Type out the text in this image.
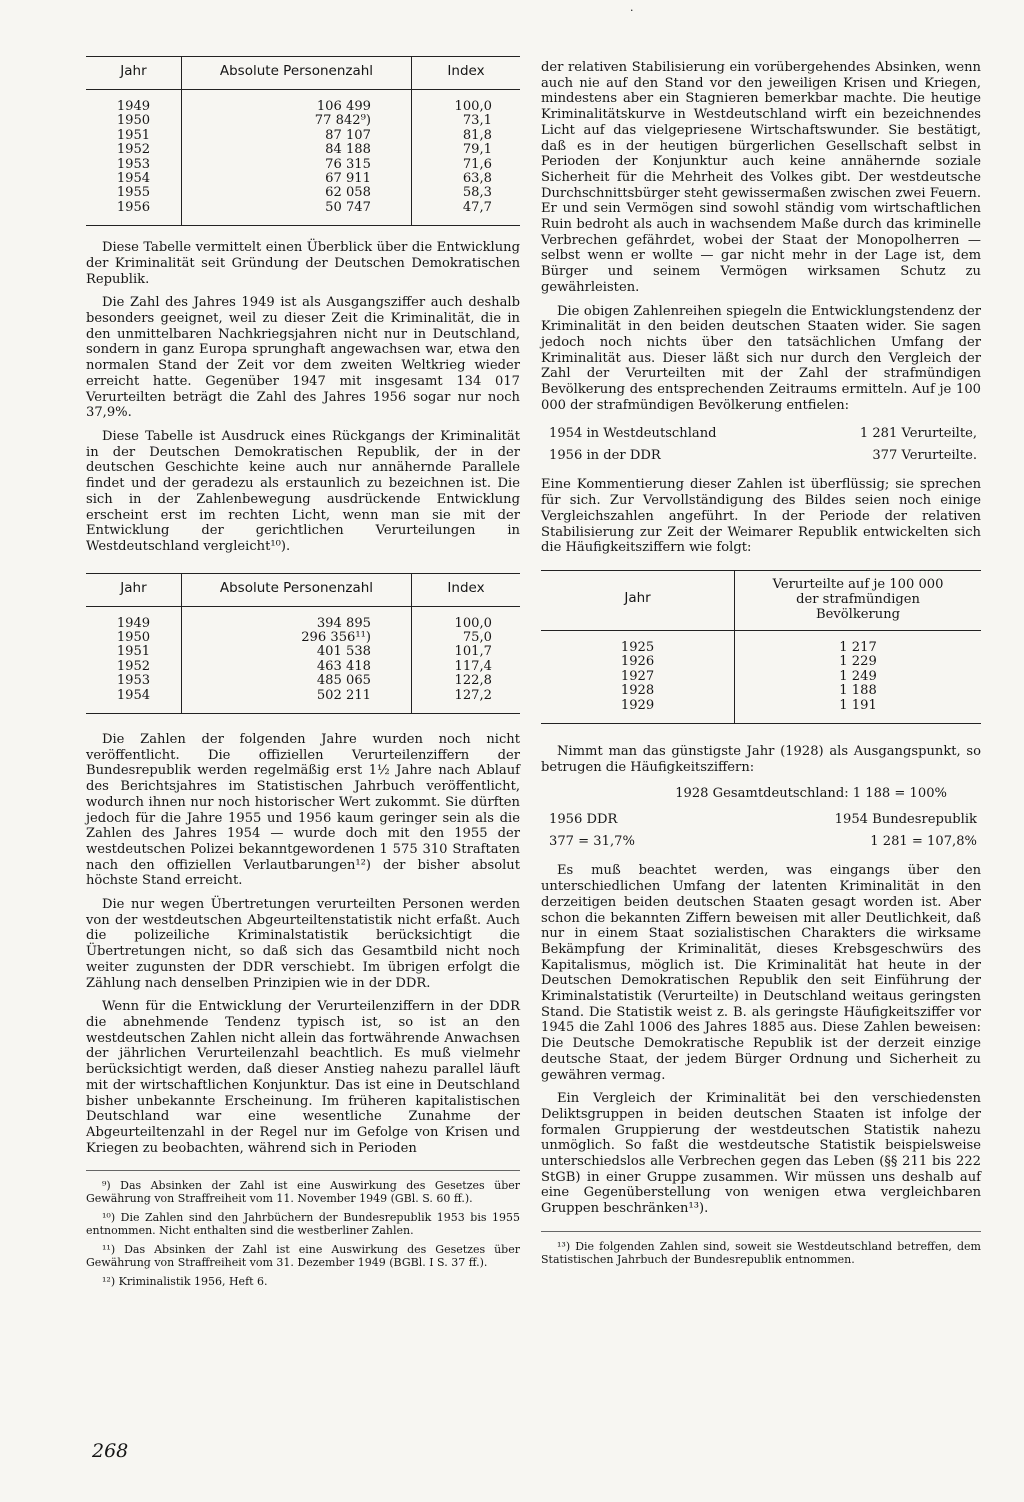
·
Jahr	Absolute Personenzahl	Index
1949	106 499	100,0
1950	77 842⁹)	73,1
1951	87 107	81,8
1952	84 188	79,1
1953	76 315	71,6
1954	67 911	63,8
1955	62 058	58,3
1956	50 747	47,7

Diese Tabelle vermittelt einen Überblick über die Entwicklung der Kriminalität seit Gründung der Deutschen Demokratischen Republik.

Die Zahl des Jahres 1949 ist als Ausgangsziffer auch deshalb besonders geeignet, weil zu dieser Zeit die Kriminalität, die in den unmittelbaren Nachkriegsjahren nicht nur in Deutschland, sondern in ganz Europa sprunghaft angewachsen war, etwa den normalen Stand der Zeit vor dem zweiten Weltkrieg wieder erreicht hatte. Gegenüber 1947 mit insgesamt 134 017 Verurteilten beträgt die Zahl des Jahres 1956 sogar nur noch 37,9%.

Diese Tabelle ist Ausdruck eines Rückgangs der Kriminalität in der Deutschen Demokratischen Republik, der in der deutschen Geschichte keine auch nur annähernde Parallele findet und der geradezu als erstaunlich zu bezeichnen ist. Die sich in der Zahlenbewegung ausdrückende Entwicklung erscheint erst im rechten Licht, wenn man sie mit der Entwicklung der gerichtlichen Verurteilungen in Westdeutschland vergleicht¹⁰).

Jahr	Absolute Personenzahl	Index
1949	394 895	100,0
1950	296 356¹¹)	75,0
1951	401 538	101,7
1952	463 418	117,4
1953	485 065	122,8
1954	502 211	127,2

Die Zahlen der folgenden Jahre wurden noch nicht veröffentlicht. Die offiziellen Verurteilenziffern der Bundesrepublik werden regelmäßig erst 1½ Jahre nach Ablauf des Berichtsjahres im Statistischen Jahrbuch veröffentlicht, wodurch ihnen nur noch historischer Wert zukommt. Sie dürften jedoch für die Jahre 1955 und 1956 kaum geringer sein als die Zahlen des Jahres 1954 — wurde doch mit den 1955 der westdeutschen Polizei bekanntgewordenen 1 575 310 Straftaten nach den offiziellen Verlautbarungen¹²) der bisher absolut höchste Stand erreicht.

Die nur wegen Übertretungen verurteilten Personen werden von der westdeutschen Abgeurteiltenstatistik nicht erfaßt. Auch die polizeiliche Kriminalstatistik berücksichtigt die Übertretungen nicht, so daß sich das Gesamtbild nicht noch weiter zugunsten der DDR verschiebt. Im übrigen erfolgt die Zählung nach denselben Prinzipien wie in der DDR.

Wenn für die Entwicklung der Verurteilenziffern in der DDR die abnehmende Tendenz typisch ist, so ist an den westdeutschen Zahlen nicht allein das fortwährende Anwachsen der jährlichen Verurteilenzahl beachtlich. Es muß vielmehr berücksichtigt werden, daß dieser Anstieg nahezu parallel läuft mit der wirtschaftlichen Konjunktur. Das ist eine in Deutschland bisher unbekannte Erscheinung. Im früheren kapitalistischen Deutschland war eine wesentliche Zunahme der Abgeurteiltenzahl in der Regel nur im Gefolge von Krisen und Kriegen zu beobachten, während sich in Perioden

⁹) Das Absinken der Zahl ist eine Auswirkung des Gesetzes über Gewährung von Straffreiheit vom 11. November 1949 (GBl. S. 60 ff.).

¹⁰) Die Zahlen sind den Jahrbüchern der Bundesrepublik 1953 bis 1955 entnommen. Nicht enthalten sind die westberliner Zahlen.

¹¹) Das Absinken der Zahl ist eine Auswirkung des Gesetzes über Gewährung von Straffreiheit vom 31. Dezember 1949 (BGBl. I S. 37 ff.).

¹²) Kriminalistik 1956, Heft 6.

268

der relativen Stabilisierung ein vorübergehendes Absinken, wenn auch nie auf den Stand vor den jeweiligen Krisen und Kriegen, mindestens aber ein Stagnieren bemerkbar machte. Die heutige Kriminalitätskurve in Westdeutschland wirft ein bezeichnendes Licht auf das vielgepriesene Wirtschaftswunder. Sie bestätigt, daß es in der heutigen bürgerlichen Gesellschaft selbst in Perioden der Konjunktur auch keine annähernde soziale Sicherheit für die Mehrheit des Volkes gibt. Der westdeutsche Durchschnittsbürger steht gewissermaßen zwischen zwei Feuern. Er und sein Vermögen sind sowohl ständig vom wirtschaftlichen Ruin bedroht als auch in wachsendem Maße durch das kriminelle Verbrechen gefährdet, wobei der Staat der Monopolherren — selbst wenn er wollte — gar nicht mehr in der Lage ist, dem Bürger und seinem Vermögen wirksamen Schutz zu gewährleisten.

Die obigen Zahlenreihen spiegeln die Entwicklungstendenz der Kriminalität in den beiden deutschen Staaten wider. Sie sagen jedoch noch nichts über den tatsächlichen Umfang der Kriminalität aus. Dieser läßt sich nur durch den Vergleich der Zahl der Verurteilten mit der Zahl der strafmündigen Bevölkerung des entsprechenden Zeitraums ermitteln. Auf je 100 000 der strafmündigen Bevölkerung entfielen:

1954 in Westdeutschland	1 281 Verurteilte,
1956 in der DDR	377 Verurteilte.

Eine Kommentierung dieser Zahlen ist überflüssig; sie sprechen für sich. Zur Vervollständigung des Bildes seien noch einige Vergleichszahlen angeführt. In der Periode der relativen Stabilisierung zur Zeit der Weimarer Republik entwickelten sich die Häufigkeitsziffern wie folgt:

Jahr	Verurteilte auf je 100 000 der strafmündigen Bevölkerung
1925	1 217
1926	1 229
1927	1 249
1928	1 188
1929	1 191

Nimmt man das günstigste Jahr (1928) als Ausgangspunkt, so betrugen die Häufigkeitsziffern:

1928 Gesamtdeutschland: 1 188 = 100%
1956 DDR	1954 Bundesrepublik
377 = 31,7%	1 281 = 107,8%

Es muß beachtet werden, was eingangs über den unterschiedlichen Umfang der latenten Kriminalität in den derzeitigen beiden deutschen Staaten gesagt worden ist. Aber schon die bekannten Ziffern beweisen mit aller Deutlichkeit, daß nur in einem Staat sozialistischen Charakters die wirksame Bekämpfung der Kriminalität, dieses Krebsgeschwürs des Kapitalismus, möglich ist. Die Kriminalität hat heute in der Deutschen Demokratischen Republik den seit Einführung der Kriminalstatistik (Verurteilte) in Deutschland weitaus geringsten Stand. Die Statistik weist z. B. als geringste Häufigkeitsziffer vor 1945 die Zahl 1006 des Jahres 1885 aus. Diese Zahlen beweisen: Die Deutsche Demokratische Republik ist der derzeit einzige deutsche Staat, der jedem Bürger Ordnung und Sicherheit zu gewähren vermag.

Ein Vergleich der Kriminalität bei den verschiedensten Deliktsgruppen in beiden deutschen Staaten ist infolge der formalen Gruppierung der westdeutschen Statistik nahezu unmöglich. So faßt die westdeutsche Statistik beispielsweise unterschiedslos alle Verbrechen gegen das Leben (§§ 211 bis 222 StGB) in einer Gruppe zusammen. Wir müssen uns deshalb auf eine Gegenüberstellung von wenigen etwa vergleichbaren Gruppen beschränken¹³).

¹³) Die folgenden Zahlen sind, soweit sie Westdeutschland betreffen, dem Statistischen Jahrbuch der Bundesrepublik entnommen.
